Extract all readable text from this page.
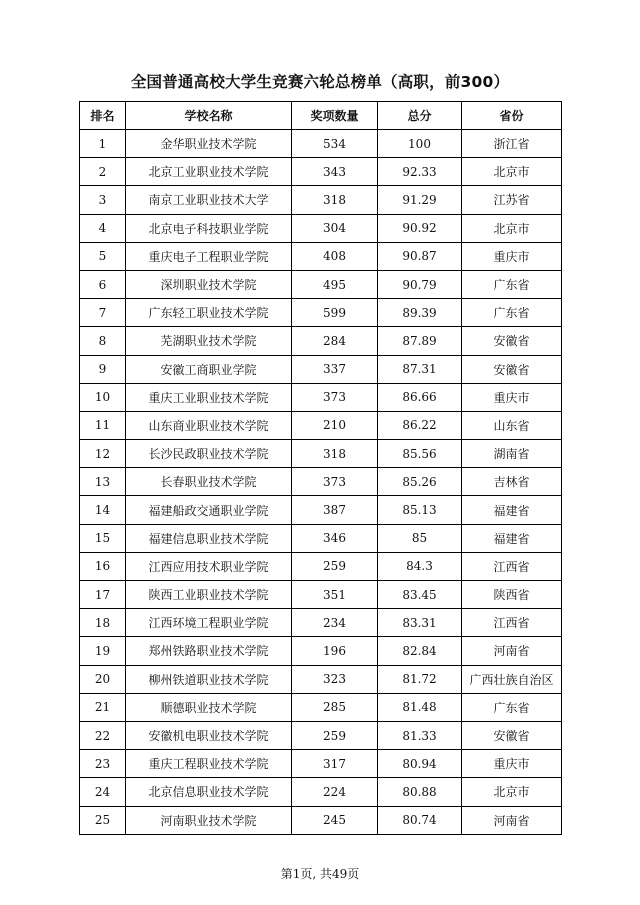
全国普通高校大学生竞赛六轮总榜单（高职，前300）
排名	学校名称	奖项数量	总分	省份
1	金华职业技术学院	534	100	浙江省
2	北京工业职业技术学院	343	92.33	北京市
3	南京工业职业技术大学	318	91.29	江苏省
4	北京电子科技职业学院	304	90.92	北京市
5	重庆电子工程职业学院	408	90.87	重庆市
6	深圳职业技术学院	495	90.79	广东省
7	广东轻工职业技术学院	599	89.39	广东省
8	芜湖职业技术学院	284	87.89	安徽省
9	安徽工商职业学院	337	87.31	安徽省
10	重庆工业职业技术学院	373	86.66	重庆市
11	山东商业职业技术学院	210	86.22	山东省
12	长沙民政职业技术学院	318	85.56	湖南省
13	长春职业技术学院	373	85.26	吉林省
14	福建船政交通职业学院	387	85.13	福建省
15	福建信息职业技术学院	346	85	福建省
16	江西应用技术职业学院	259	84.3	江西省
17	陕西工业职业技术学院	351	83.45	陕西省
18	江西环境工程职业学院	234	83.31	江西省
19	郑州铁路职业技术学院	196	82.84	河南省
20	柳州铁道职业技术学院	323	81.72	广西壮族自治区
21	顺德职业技术学院	285	81.48	广东省
22	安徽机电职业技术学院	259	81.33	安徽省
23	重庆工程职业技术学院	317	80.94	重庆市
24	北京信息职业技术学院	224	80.88	北京市
25	河南职业技术学院	245	80.74	河南省
第1页, 共49页
